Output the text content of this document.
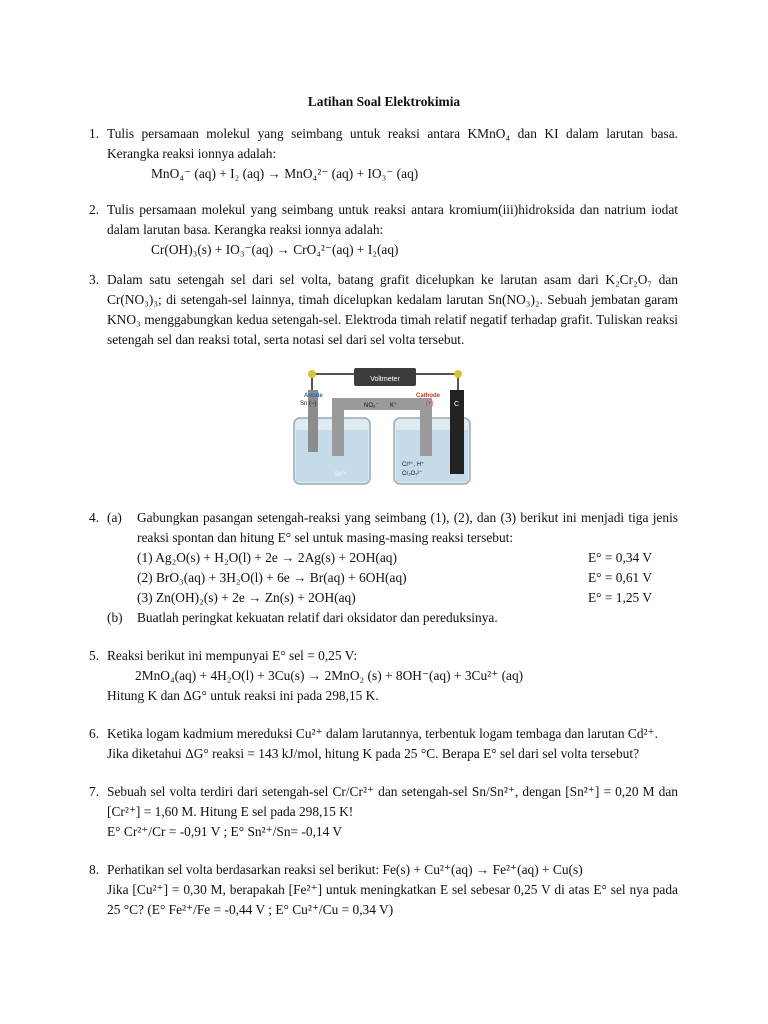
Latihan Soal Elektrokimia
1. Tulis persamaan molekul yang seimbang untuk reaksi antara KMnO₄ dan KI dalam larutan basa. Kerangka reaksi ionnya adalah:
MnO₄⁻ (aq) + I₂ (aq) → MnO₄²⁻ (aq) + IO₃⁻ (aq)
2. Tulis persamaan molekul yang seimbang untuk reaksi antara kromium(iii)hidroksida dan natrium iodat dalam larutan basa. Kerangka reaksi ionnya adalah:
Cr(OH)₃(s) + IO₃⁻(aq) → CrO₄²⁻(aq) + I₂(aq)
3. Dalam satu setengah sel dari sel volta, batang grafit dicelupkan ke larutan asam dari K₂Cr₂O₇ dan Cr(NO₃)₃; di setengah-sel lainnya, timah dicelupkan kedalam larutan Sn(NO₃)₂. Sebuah jembatan garam KNO₃ menggabungkan kedua setengah-sel. Elektroda timah relatif negatif terhadap grafit. Tuliskan reaksi setengah sel dan reaksi total, serta notasi sel dari sel volta tersebut.
Voltmeter
Anode
Sn (−)
Cathode
(+)	C
NO₃⁻ K⁺
Sn²⁺
Cr³⁺, H⁺
Cr₂O₇²⁻
4. (a) Gabungkan pasangan setengah-reaksi yang seimbang (1), (2), dan (3) berikut ini menjadi tiga jenis reaksi spontan dan hitung E° sel untuk masing-masing reaksi tersebut:
(1) Ag₂O(s) + H₂O(l) + 2e → 2Ag(s) + 2OH(aq)	E° = 0,34 V
(2) BrO₃(aq) + 3H₂O(l) + 6e → Br(aq) + 6OH(aq)	E° = 0,61 V
(3) Zn(OH)₂(s) + 2e → Zn(s) + 2OH(aq)	E° = 1,25 V
(b) Buatlah peringkat kekuatan relatif dari oksidator dan pereduksinya.
5. Reaksi berikut ini mempunyai E° sel = 0,25 V:
2MnO₄(aq) + 4H₂O(l) + 3Cu(s) → 2MnO₂ (s) + 8OH⁻(aq) + 3Cu²⁺ (aq)
Hitung K dan ΔG° untuk reaksi ini pada 298,15 K.
6. Ketika logam kadmium mereduksi Cu²⁺ dalam larutannya, terbentuk logam tembaga dan larutan Cd²⁺.
Jika diketahui ΔG° reaksi = 143 kJ/mol, hitung K pada 25 °C. Berapa E° sel dari sel volta tersebut?
7. Sebuah sel volta terdiri dari setengah-sel Cr/Cr²⁺ dan setengah-sel Sn/Sn²⁺, dengan [Sn²⁺] = 0,20 M dan [Cr²⁺] = 1,60 M. Hitung E sel pada 298,15 K!
E° Cr²⁺/Cr = -0,91 V ; E° Sn²⁺/Sn= -0,14 V
8. Perhatikan sel volta berdasarkan reaksi sel berikut: Fe(s) + Cu²⁺(aq) → Fe²⁺(aq) + Cu(s)
Jika [Cu²⁺] = 0,30 M, berapakah [Fe²⁺] untuk meningkatkan E sel sebesar 0,25 V di atas E° sel nya pada 25 °C? (E° Fe²⁺/Fe = -0,44 V ; E° Cu²⁺/Cu = 0,34 V)
